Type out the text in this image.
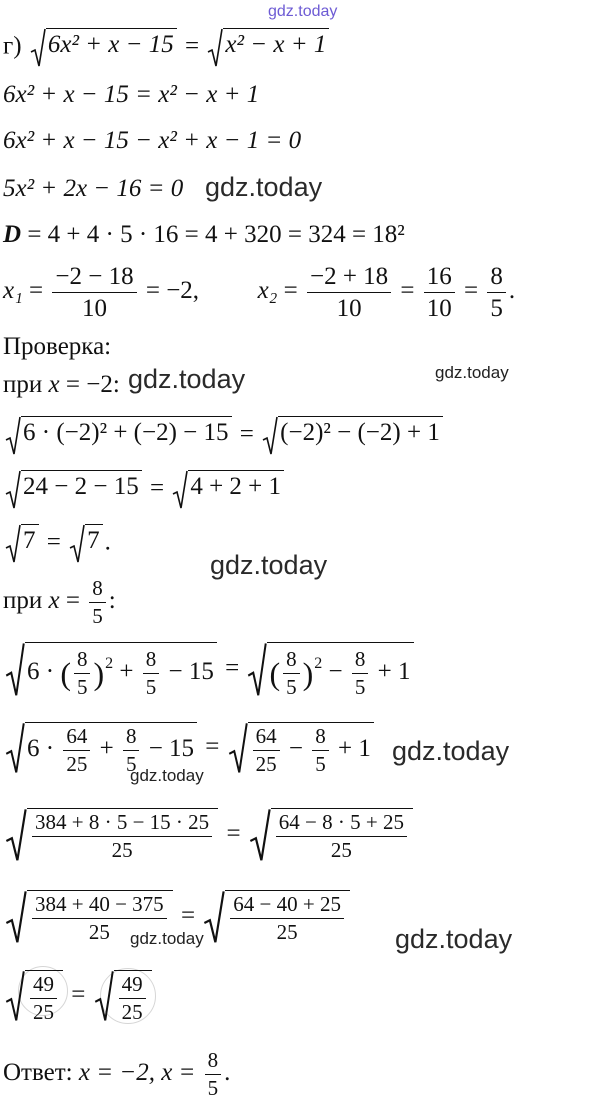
gdz.today
г) 6x² + x − 15 = x² − x + 1
6x² + x − 15 = x² − x + 1
6x² + x − 15 − x² + x − 1 = 0
5x² + 2x − 16 = 0 gdz.today
D = 4 + 4 · 5 · 16 = 4 + 320 = 324 = 18²
$x_1 = \frac{-2 - 18}{10} = -2$, $x_2 = \frac{-2 + 18}{10} = \frac{16}{10} = \frac{8}{5}$ .
Проверка:
при x = −2: gdz.today	gdz.today
6 · (−2)² + (−2) − 15 = (−2)² − (−2) + 1
24 − 2 − 15 = 4 + 2 + 1
7 = 7 .
gdz.today
при $x = \frac{8}{5}$ :
6 · ( $\frac{8}{5} )^2 + \frac{8}{5} - 15$ = ( $\frac{8}{5} )^2 - \frac{8}{5} + 1$
$6 \cdot \frac{64}{25} + \frac{8}{5} - 15 = \frac{64}{25} - \frac{8}{5} + 1$ gdz.today
gdz.today
$\frac{384 + 8 \cdot 5 - 15 \cdot 25}{25} = \frac{64 - 8 \cdot 5 + 25}{25}$
$\frac{384 + 40 - 375}{25} = \frac{64 - 40 + 25}{25}$
gdz.today	gdz.today
$\frac{49}{25} = \frac{49}{25}$
Ответ: x = −2, $x = \frac{8}{5}$ .
